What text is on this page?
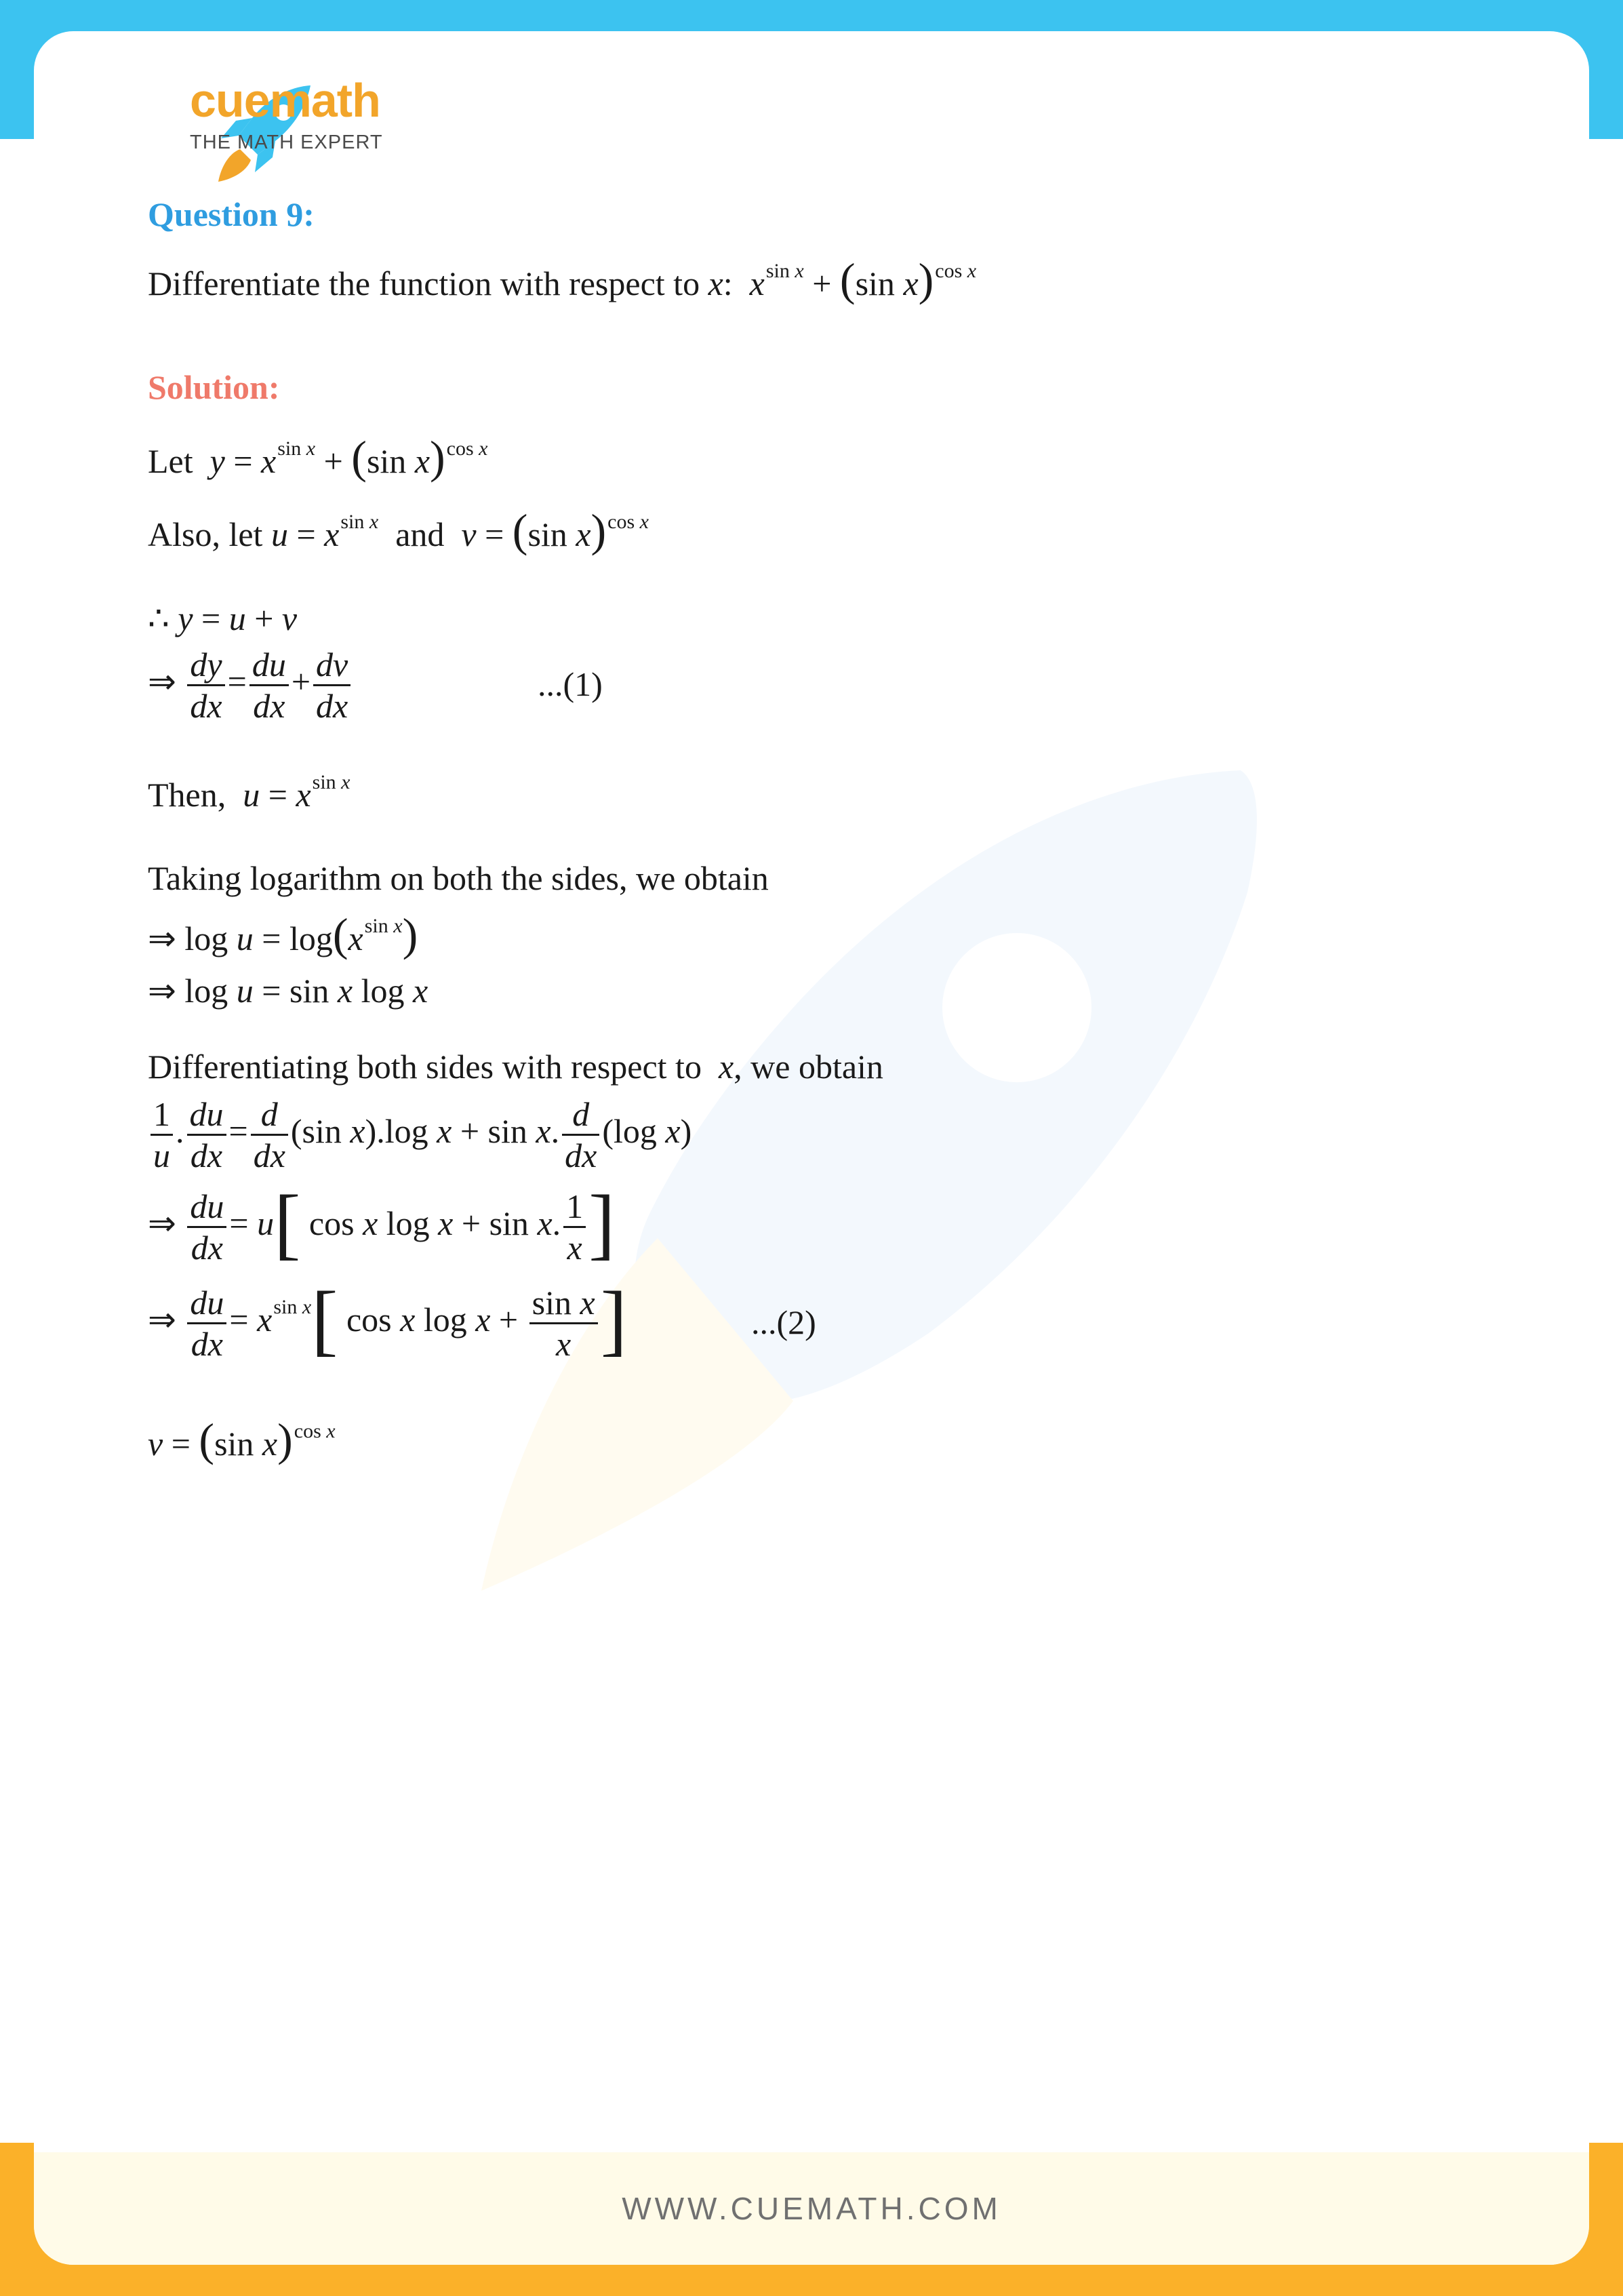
cuemath
THE MATH EXPERT
Question 9:
Differentiate the function with respect to x: $x^{sin x} + (\sin$ x)$^{cos x}$
Solution:
Let $y = x^{sin x} + (\sin$ x)$^{cos x}$
Also, let $u = x^{sin x}$ and v = (sin x)$^{cos x}$
∴ y = u + v
⇒ $\frac{dy}{dx} = \frac{du}{dx} + \frac{dv}{dx}$	...(1)
Then, $u = x^{sin x}$
Taking logarithm on both the sides, we obtain
⇒ $\log u = \log(x^{sin x})$
⇒ log u = sin x log x
Differentiating both sides with respect to x, we obtain
$\frac{1}{u}$ . $\frac{du}{dx} = \frac{d}{dx} (\sin$ x).log x + sin x. $\frac{d}{dx} (\log$ x)
⇒ $\frac{du}{dx} = u$[ cos x log x + sin x. $\frac{1}{x}$ ]
⇒ $\frac{du}{dx} = x^{sin x}$[ cos x $\log x + \frac{\text{sin x}}{x}$ ]	...(2)
v = (sin x)$^{cos x}$
WWW.CUEMATH.COM
